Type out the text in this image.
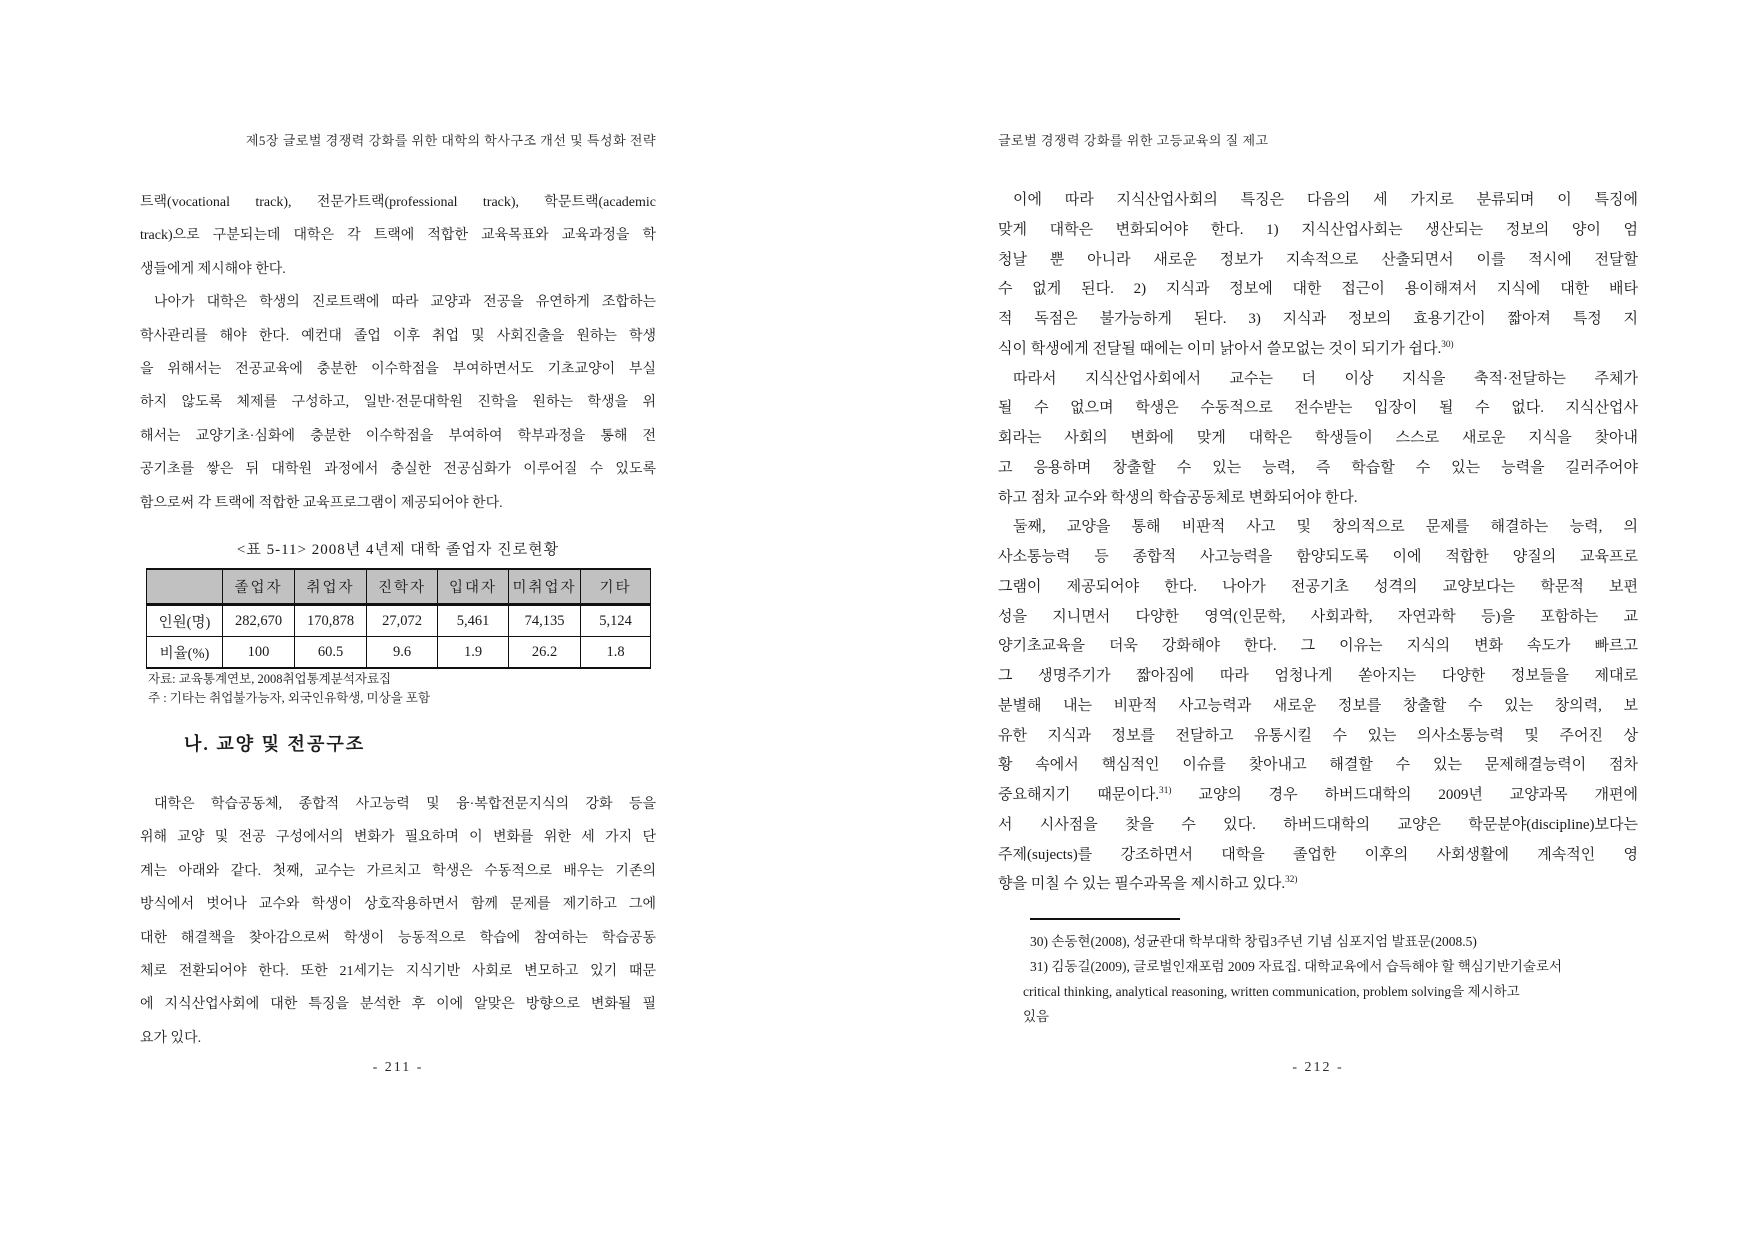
제5장 글로벌 경쟁력 강화를 위한 대학의 학사구조 개선 및 특성화 전략
트랙(vocational track), 전문가트랙(professional track), 학문트랙(academic
track)으로 구분되는데 대학은 각 트랙에 적합한 교육목표와 교육과정을 학
생들에게 제시해야 한다.
나아가 대학은 학생의 진로트랙에 따라 교양과 전공을 유연하게 조합하는
학사관리를 해야 한다. 예컨대 졸업 이후 취업 및 사회진출을 원하는 학생
을 위해서는 전공교육에 충분한 이수학점을 부여하면서도 기초교양이 부실
하지 않도록 체제를 구성하고, 일반·전문대학원 진학을 원하는 학생을 위
해서는 교양기초·심화에 충분한 이수학점을 부여하여 학부과정을 통해 전
공기초를 쌓은 뒤 대학원 과정에서 충실한 전공심화가 이루어질 수 있도록
함으로써 각 트랙에 적합한 교육프로그램이 제공되어야 한다.
<표 5-11> 2008년 4년제 대학 졸업자 진로현황
	졸업자	취업자	진학자	입대자	미취업자	기타
인원(명)	282,670	170,878	27,072	5,461	74,135	5,124
비율(%)	100	60.5	9.6	1.9	26.2	1.8
자료: 교육통계연보, 2008취업통계분석자료집
주 : 기타는 취업불가능자, 외국인유학생, 미상을 포함
나. 교양 및 전공구조
대학은 학습공동체, 종합적 사고능력 및 융·복합전문지식의 강화 등을
위해 교양 및 전공 구성에서의 변화가 필요하며 이 변화를 위한 세 가지 단
계는 아래와 같다. 첫째, 교수는 가르치고 학생은 수동적으로 배우는 기존의
방식에서 벗어나 교수와 학생이 상호작용하면서 함께 문제를 제기하고 그에
대한 해결책을 찾아감으로써 학생이 능동적으로 학습에 참여하는 학습공동
체로 전환되어야 한다. 또한 21세기는 지식기반 사회로 변모하고 있기 때문
에 지식산업사회에 대한 특징을 분석한 후 이에 알맞은 방향으로 변화될 필
요가 있다.
- 211 -
글로벌 경쟁력 강화를 위한 고등교육의 질 제고
이에 따라 지식산업사회의 특징은 다음의 세 가지로 분류되며 이 특징에
맞게 대학은 변화되어야 한다. 1) 지식산업사회는 생산되는 정보의 양이 엄
청날 뿐 아니라 새로운 정보가 지속적으로 산출되면서 이를 적시에 전달할
수 없게 된다. 2) 지식과 정보에 대한 접근이 용이해져서 지식에 대한 배타
적 독점은 불가능하게 된다. 3) 지식과 정보의 효용기간이 짧아져 특정 지
식이 학생에게 전달될 때에는 이미 낡아서 쓸모없는 것이 되기가 쉽다.$^{30)}$
따라서 지식산업사회에서 교수는 더 이상 지식을 축적·전달하는 주체가
될 수 없으며 학생은 수동적으로 전수받는 입장이 될 수 없다. 지식산업사
회라는 사회의 변화에 맞게 대학은 학생들이 스스로 새로운 지식을 찾아내
고 응용하며 창출할 수 있는 능력, 즉 학습할 수 있는 능력을 길러주어야
하고 점차 교수와 학생의 학습공동체로 변화되어야 한다.
둘째, 교양을 통해 비판적 사고 및 창의적으로 문제를 해결하는 능력, 의
사소통능력 등 종합적 사고능력을 함양되도록 이에 적합한 양질의 교육프로
그램이 제공되어야 한다. 나아가 전공기초 성격의 교양보다는 학문적 보편
성을 지니면서 다양한 영역(인문학, 사회과학, 자연과학 등)을 포함하는 교
양기초교육을 더욱 강화해야 한다. 그 이유는 지식의 변화 속도가 빠르고
그 생명주기가 짧아짐에 따라 엄청나게 쏟아지는 다양한 정보들을 제대로
분별해 내는 비판적 사고능력과 새로운 정보를 창출할 수 있는 창의력, 보
유한 지식과 정보를 전달하고 유통시킬 수 있는 의사소통능력 및 주어진 상
황 속에서 핵심적인 이슈를 찾아내고 해결할 수 있는 문제해결능력이 점차
중요해지기 때문이다.$^{31)}$ 교양의 경우 하버드대학의 2009년 교양과목 개편에
서 시사점을 찾을 수 있다. 하버드대학의 교양은 학문분야(discipline)보다는
주제(sujects)를 강조하면서 대학을 졸업한 이후의 사회생활에 계속적인 영
향을 미칠 수 있는 필수과목을 제시하고 있다.$^{32)}$
30) 손동현(2008), 성균관대 학부대학 창립3주년 기념 심포지엄 발표문(2008.5)
31) 김동길(2009), 글로벌인재포럼 2009 자료집. 대학교육에서 습득해야 할 핵심기반기술로서
critical thinking, analytical reasoning, written communication, problem solving을 제시하고
있음
- 212 -
